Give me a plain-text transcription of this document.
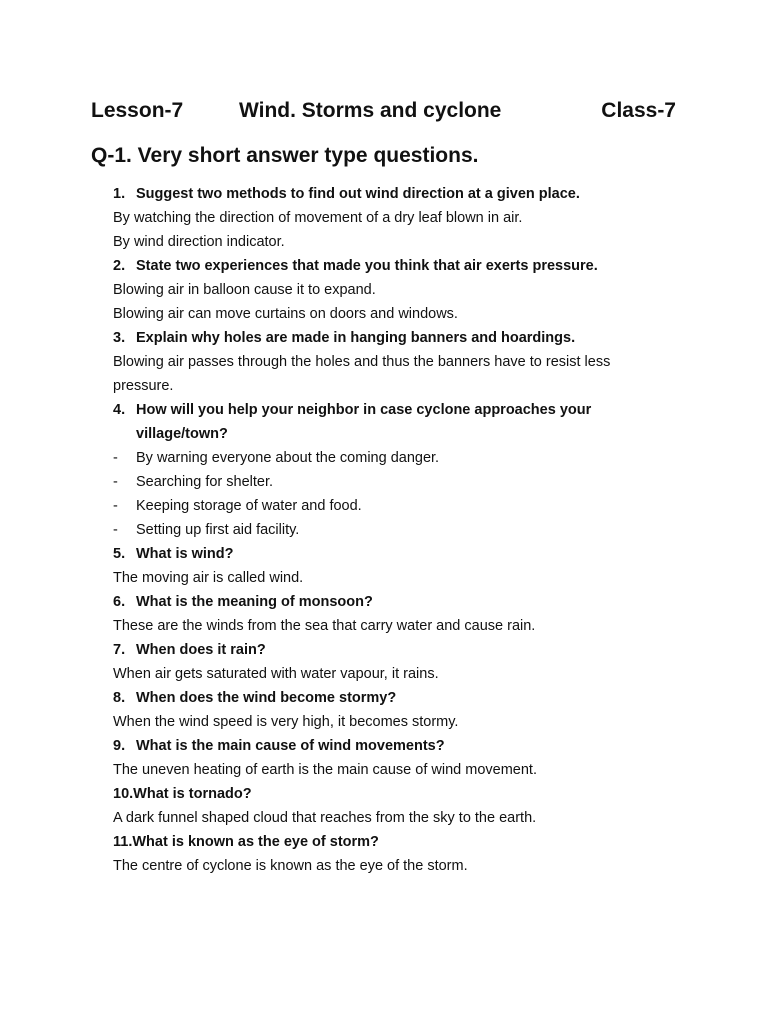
Lesson-7	Wind. Storms and cyclone	Class-7
Q-1. Very short answer type questions.
1. Suggest two methods to find out wind direction at a given place.
By watching the direction of movement of a dry leaf blown in air.
By wind direction indicator.
2. State two experiences that made you think that air exerts pressure.
Blowing air in balloon cause it to expand.
Blowing air can move curtains on doors and windows.
3. Explain why holes are made in hanging banners and hoardings.
Blowing air passes through the holes and thus the banners have to resist less pressure.
4. How will you help your neighbor in case cyclone approaches your village/town?
- By warning everyone about the coming danger.
- Searching for shelter.
- Keeping storage of water and food.
- Setting up first aid facility.
5. What is wind?
The moving air is called wind.
6. What is the meaning of monsoon?
These are the winds from the sea that carry water and cause rain.
7. When does it rain?
When air gets saturated with water vapour, it rains.
8. When does the wind become stormy?
When the wind speed is very high, it becomes stormy.
9. What is the main cause of wind movements?
The uneven heating of earth is the main cause of wind movement.
10.What is tornado?
A dark funnel shaped cloud that reaches from the sky to the earth.
11.What is known as the eye of storm?
The centre of cyclone is known as the eye of the storm.
